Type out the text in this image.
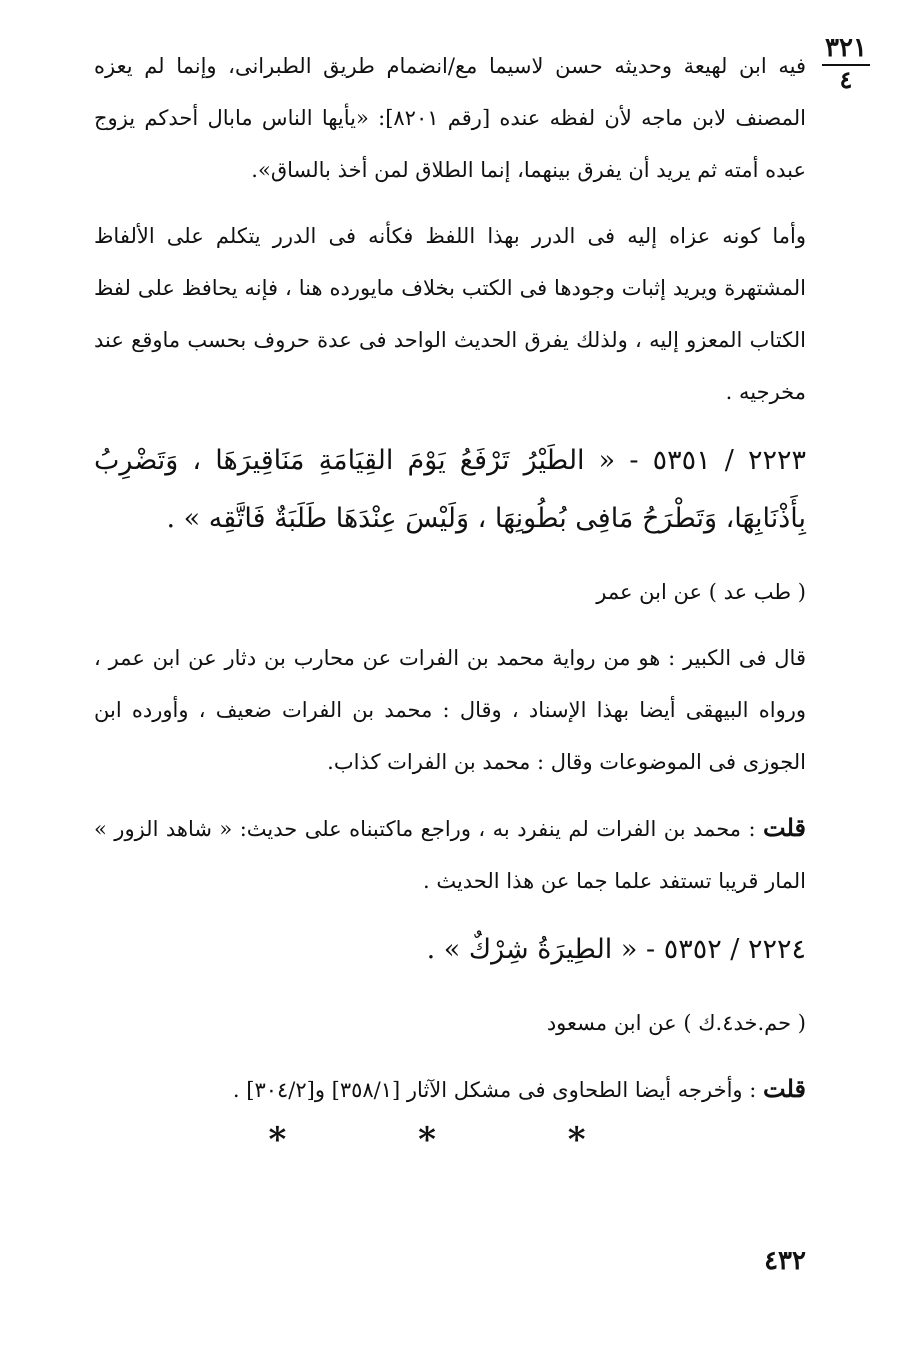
٣٢١
٤

فيه ابن لهيعة وحديثه حسن لاسيما مع/انضمام طريق الطبرانى، وإنما لم يعزه المصنف لابن ماجه لأن لفظه عنده [رقم ٨٢٠١]: «يأيها الناس مابال أحدكم يزوج عبده أمته ثم يريد أن يفرق بينهما، إنما الطلاق لمن أخذ بالساق».

وأما كونه عزاه إليه فى الدرر بهذا اللفظ فكأنه فى الدرر يتكلم على الألفاظ المشتهرة ويريد إثبات وجودها فى الكتب بخلاف مايورده هنا ، فإنه يحافظ على لفظ الكتاب المعزو إليه ، ولذلك يفرق الحديث الواحد فى عدة حروف بحسب ماوقع عند مخرجيه .

٢٢٢٣ / ٥٣٥١ - « الطَيْرُ تَرْفَعُ يَوْمَ القِيَامَةِ مَنَاقِيرَهَا ، وَتَضْرِبُ بِأَذْنَابِهَا، وَتَطْرَحُ مَافِى بُطُونِهَا ، وَلَيْسَ عِنْدَهَا طَلَبَةٌ فَاتَّقِه » .

( طب عد ) عن ابن عمر

قال فى الكبير : هو من رواية محمد بن الفرات عن محارب بن دثار عن ابن عمر ، ورواه البيهقى أيضا بهذا الإسناد ، وقال : محمد بن الفرات ضعيف ، وأورده ابن الجوزى فى الموضوعات وقال : محمد بن الفرات كذاب.

قلت : محمد بن الفرات لم ينفرد به ، وراجع ماكتبناه على حديث: « شاهد الزور » المار قريبا تستفد علما جما عن هذا الحديث .

٢٢٢٤ / ٥٣٥٢ - « الطِيرَةُ شِرْكٌ » .

( حم.خد٤.ك ) عن ابن مسعود

قلت : وأخرجه أيضا الطحاوى فى مشكل الآثار [٣٥٨/١] و[٣٠٤/٢] .

* * *
٤٣٢
